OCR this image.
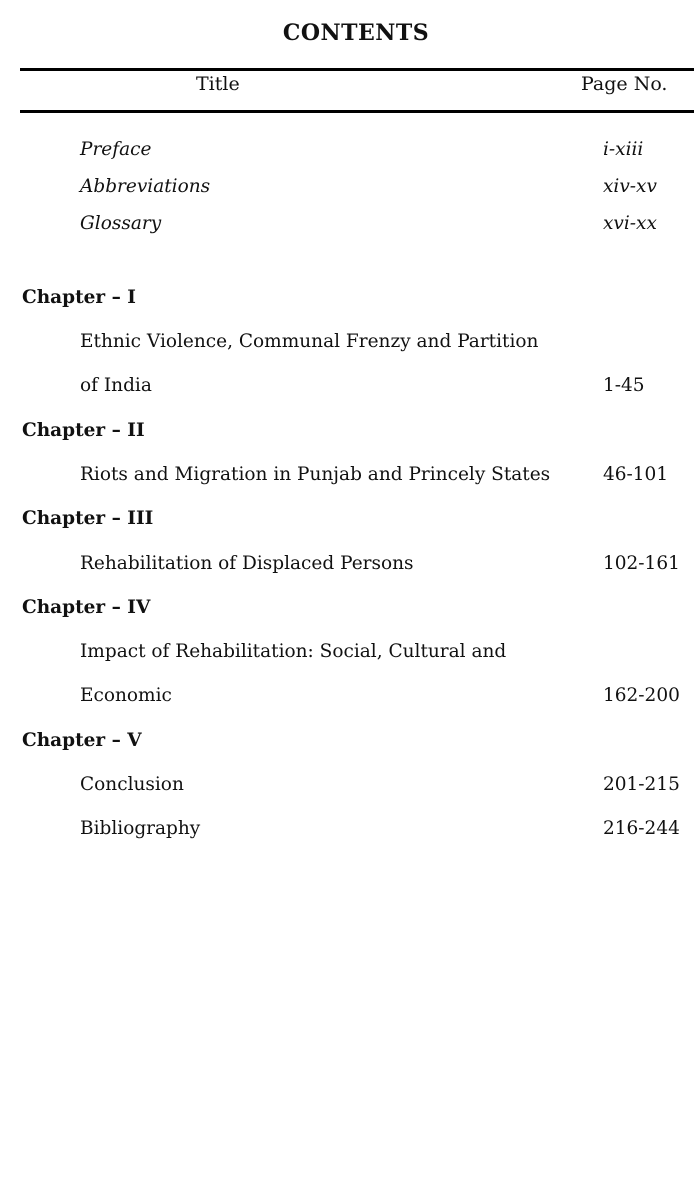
CONTENTS
Title	Page No.
Preface	i-xiii
Abbreviations	xiv-xv
Glossary	xvi-xx
Chapter – I
Ethnic Violence, Communal Frenzy and Partition
of India	1-45
Chapter – II
Riots and Migration in Punjab and Princely States	46-101
Chapter – III
Rehabilitation of Displaced Persons	102-161
Chapter – IV
Impact of Rehabilitation: Social, Cultural and
Economic	162-200
Chapter – V
Conclusion	201-215
Bibliography	216-244
